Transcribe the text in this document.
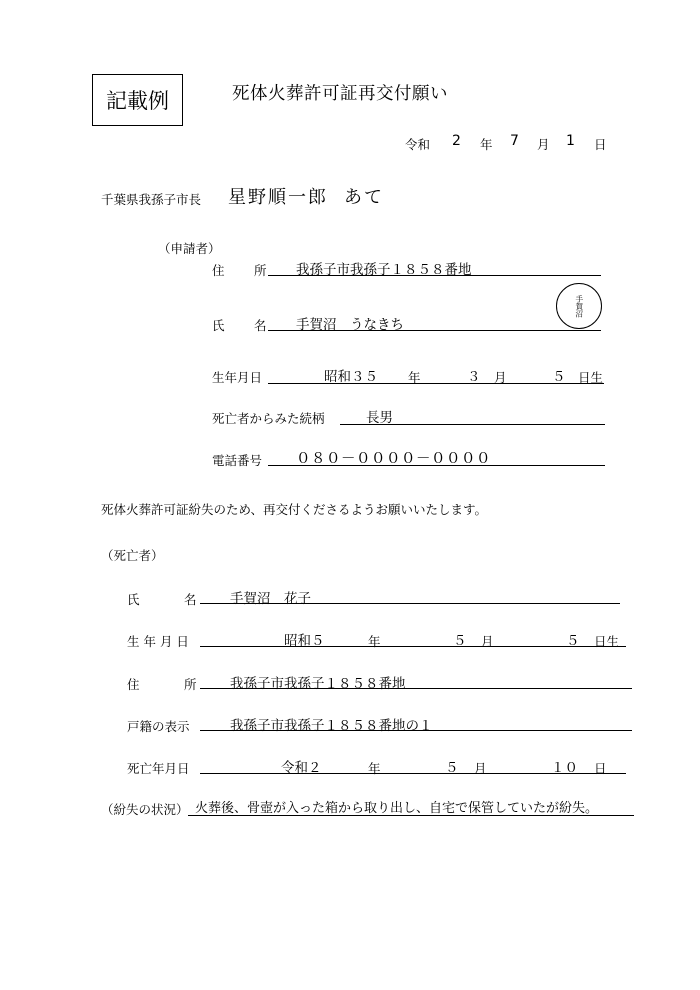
記載例	死体火葬許可証再交付願い
令和 2 年 7 月 1 日
千葉県我孫子市長 星野順一郎 あて
（申請者）
住 所 我孫子市我孫子１８５８番地
氏 名 手賀沼　うなきち
手賀沼
生年月日	昭和３５ 年	３ 月	５ 日生
死亡者からみた続柄	長男
電話番号 ０８０－００００－００００
死体火葬許可証紛失のため、再交付くださるようお願いいたします。
（死亡者）
氏	名 手賀沼　花子
生 年 月 日	昭和５	年	５ 月	５ 日生
住	所 我孫子市我孫子１８５８番地
戸籍の表示	我孫子市我孫子１８５８番地の１
死亡年月日	令和２	年	５ 月	１０ 日
（紛失の状況） 火葬後、骨壺が入った箱から取り出し、自宅で保管していたが紛失。
